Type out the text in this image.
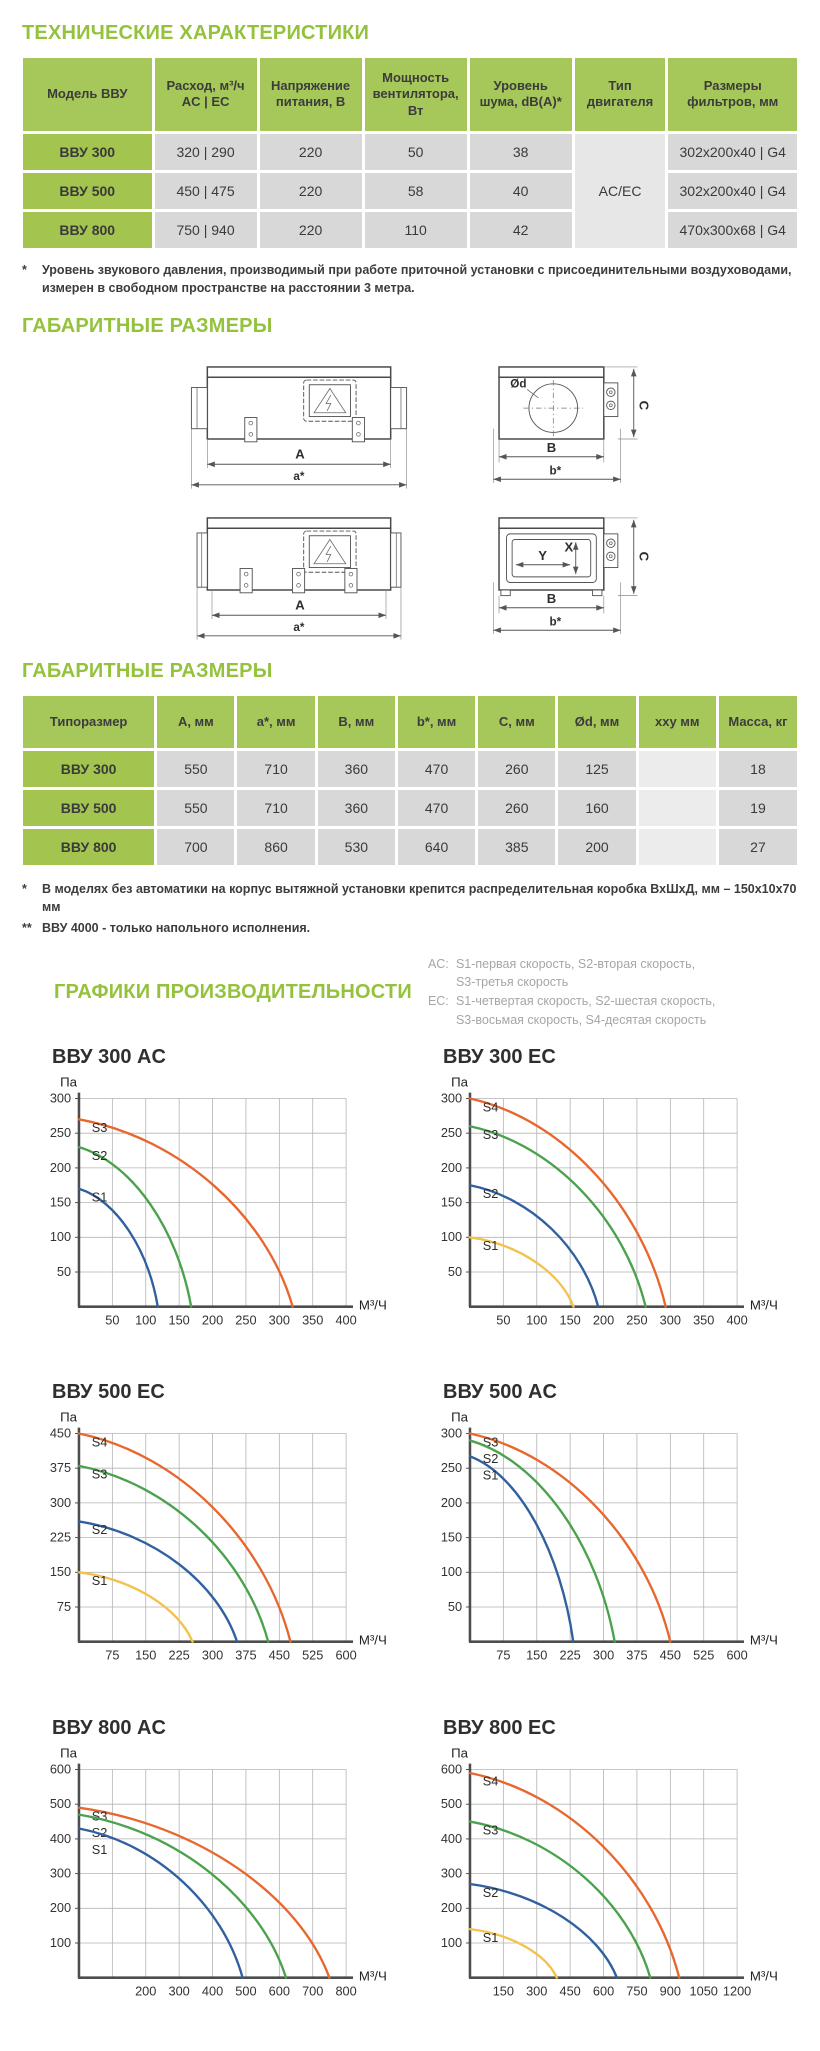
ТЕХНИЧЕСКИЕ ХАРАКТЕРИСТИКИ
Модель ВВУ	Расход, м³/ч AC | EC	Напряжение питания, В	Мощность вентилятора, Вт	Уровень шума, dB(A)*	Тип двигателя	Размеры фильтров, мм
ВВУ 300	320 | 290	220	50	38	AC/EC	302x200x40 | G4
ВВУ 500	450 | 475	220	58	40		302x200x40 | G4
ВВУ 800	750 | 940	220	110	42		470x300x68 | G4
*	Уровень звукового давления, производимый при работе приточной установки с присоединительными воздуховодами, измерен в свободном пространстве на расстоянии 3 метра.
ГАБАРИТНЫЕ РАЗМЕРЫ
A
a*
Ød
C
B
b*
A
a*
Y
X
C
B
b*
ГАБАРИТНЫЕ РАЗМЕРЫ
Типоразмер	А, мм	a*, мм	В, мм	b*, мм	С, мм	Ød, мм	xxy мм	Масса, кг
ВВУ 300	550	710	360	470	260	125		18
ВВУ 500	550	710	360	470	260	160		19
ВВУ 800	700	860	530	640	385	200		27
*	В моделях без автоматики на корпус вытяжной установки крепится распределительная коробка ВхШхД, мм – 150x10x70 мм
** ВВУ 4000 - только напольного исполнения.
ГРАФИКИ ПРОИЗВОДИТЕЛЬНОСТИ
AC: S1-первая скорость, S2-вторая скорость,
S3-третья скорость
EC: S1-четвертая скорость, S2-шестая скорость,
S3-восьмая скорость, S4-десятая скорость
ВВУ 300 AC
50 100 150 200 250 300 350 400
50
100
150
200
250
300
Па
М³/Ч
S3
S2
S1
ВВУ 300 EC
50 100 150 200 250 300 350 400
50
100
150
200
250
300
Па
М³/Ч
S4
S3
S2
S1
ВВУ 500 EC
75 150 225 300 375 450 525 600
75
150
225
300
375
450
Па
М³/Ч
S4
S3
S2
S1
ВВУ 500 AC
75 150 225 300 375 450 525 600
50
100
150
200
250
300
Па
М³/Ч
S3
S2
S1
ВВУ 800 AC
200 300 400 500 600 700 800
100
200
300
400
500
600
Па
М³/Ч
S3
S2
S1
ВВУ 800 EC
150 300 450 600 750 900 1050 1200
100
200
300
400
500
600
Па
М³/Ч
S4
S3
S2
S1
